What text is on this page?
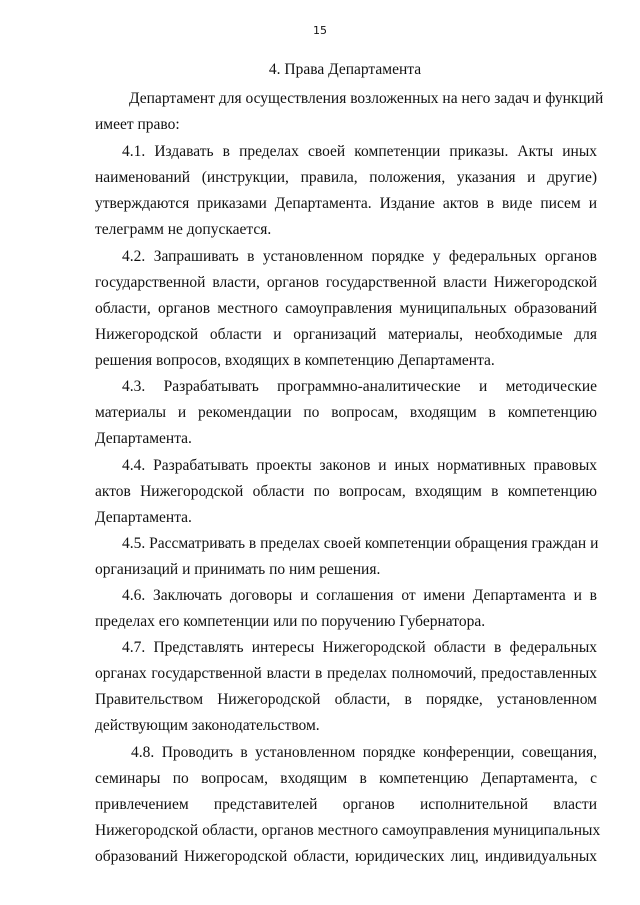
15
4. Права Департамента
Департамент для осуществления возложенных на него задач и функций
имеет право:
4.1. Издавать в пределах своей компетенции приказы. Акты иных
наименований (инструкции, правила, положения, указания и другие)
утверждаются приказами Департамента. Издание актов в виде писем и
телеграмм не допускается.
4.2. Запрашивать в установленном порядке у федеральных органов
государственной власти, органов государственной власти Нижегородской
области, органов местного самоуправления муниципальных образований
Нижегородской области и организаций материалы, необходимые для
решения вопросов, входящих в компетенцию Департамента.
4.3. Разрабатывать программно-аналитические и методические
материалы и рекомендации по вопросам, входящим в компетенцию
Департамента.
4.4. Разрабатывать проекты законов и иных нормативных правовых
актов Нижегородской области по вопросам, входящим в компетенцию
Департамента.
4.5. Рассматривать в пределах своей компетенции обращения граждан и
организаций и принимать по ним решения.
4.6. Заключать договоры и соглашения от имени Департамента и в
пределах его компетенции или по поручению Губернатора.
4.7. Представлять интересы Нижегородской области в федеральных
органах государственной власти в пределах полномочий, предоставленных
Правительством Нижегородской области, в порядке, установленном
действующим законодательством.
4.8. Проводить в установленном порядке конференции, совещания,
семинары по вопросам, входящим в компетенцию Департамента, с
привлечением представителей органов исполнительной власти
Нижегородской области, органов местного самоуправления муниципальных
образований Нижегородской области, юридических лиц, индивидуальных
